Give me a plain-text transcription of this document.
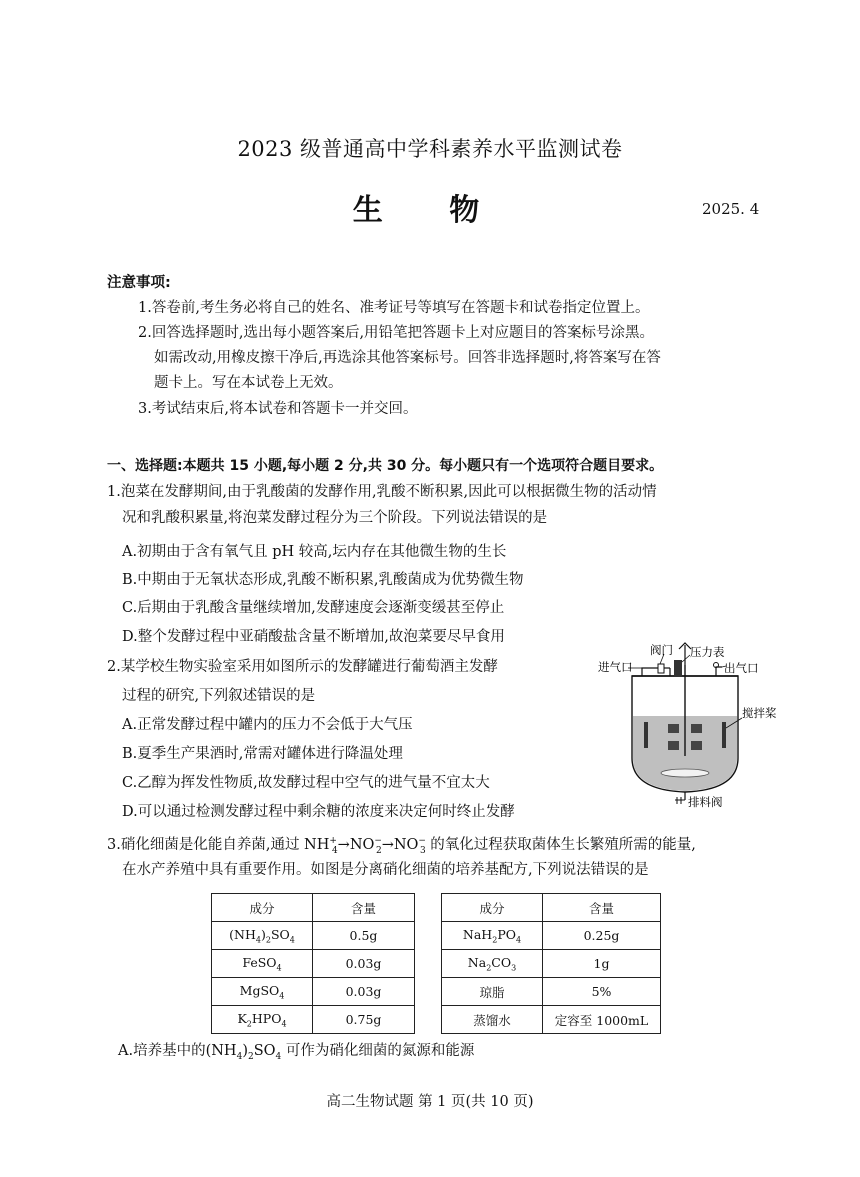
2023 级普通高中学科素养水平监测试卷
生 物	2025. 4
注意事项:
1.答卷前,考生务必将自己的姓名、准考证号等填写在答题卡和试卷指定位置上。
2.回答选择题时,选出每小题答案后,用铅笔把答题卡上对应题目的答案标号涂黑。
如需改动,用橡皮擦干净后,再选涂其他答案标号。回答非选择题时,将答案写在答
题卡上。写在本试卷上无效。
3.考试结束后,将本试卷和答题卡一并交回。
一、选择题:本题共 15 小题,每小题 2 分,共 30 分。每小题只有一个选项符合题目要求。
1.泡菜在发酵期间,由于乳酸菌的发酵作用,乳酸不断积累,因此可以根据微生物的活动情
况和乳酸积累量,将泡菜发酵过程分为三个阶段。下列说法错误的是
A.初期由于含有氧气且 pH 较高,坛内存在其他微生物的生长
B.中期由于无氧状态形成,乳酸不断积累,乳酸菌成为优势微生物
C.后期由于乳酸含量继续增加,发酵速度会逐渐变缓甚至停止
D.整个发酵过程中亚硝酸盐含量不断增加,故泡菜要尽早食用
2.某学校生物实验室采用如图所示的发酵罐进行葡萄酒主发酵
过程的研究,下列叙述错误的是
A.正常发酵过程中罐内的压力不会低于大气压
B.夏季生产果酒时,常需对罐体进行降温处理
C.乙醇为挥发性物质,故发酵过程中空气的进气量不宜太大
D.可以通过检测发酵过程中剩余糖的浓度来决定何时终止发酵
阀门
进气口
压力表
出气口
搅拌桨
排料阀
3.硝化细菌是化能自养菌,通过 $NH^+_4\to NO^-_2\to NO^-_3$ 的氧化过程获取菌体生长繁殖所需的能量,
在水产养殖中具有重要作用。如图是分离硝化细菌的培养基配方,下列说法错误的是
成分	含量		成分	含量
$(NH_4)_2SO_4$	0.5g		$NaH_2PO_4$	0.25g
FeSO$_4$	0.03g		$Na_2CO_3$	1g
MgSO$_4$	0.03g		琼脂	5%
$K_2HPO_4$	0.75g		蒸馏水	定容至 1000mL
A.培养基中的$(NH_4)_2SO_4$ 可作为硝化细菌的氮源和能源
高二生物试题 第 1 页(共 10 页)
